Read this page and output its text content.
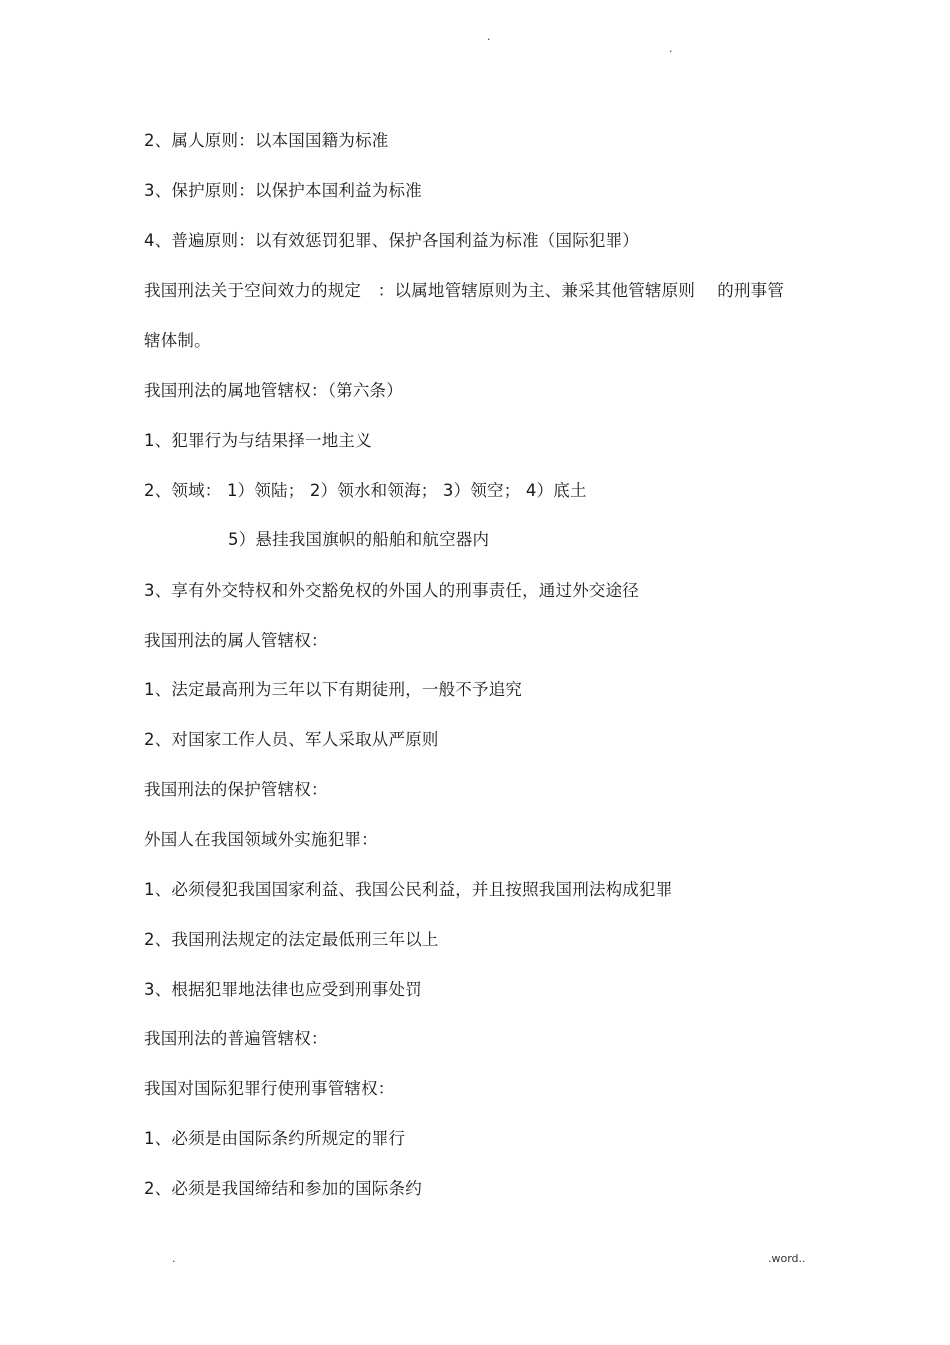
.
.
2、属人原则：以本国国籍为标准
3、保护原则：以保护本国利益为标准
4、普遍原则：以有效惩罚犯罪、保护各国利益为标准（国际犯罪）
我国刑法关于空间效力的规定　：以属地管辖原则为主、兼采其他管辖原则　 的刑事管
辖体制。
我国刑法的属地管辖权：（第六条）
1、犯罪行为与结果择一地主义
2、领域： 1）领陆； 2）领水和领海； 3）领空； 4）底土
5）悬挂我国旗帜的船舶和航空器内
3、享有外交特权和外交豁免权的外国人的刑事责任，通过外交途径
我国刑法的属人管辖权：
1、法定最高刑为三年以下有期徒刑，一般不予追究
2、对国家工作人员、军人采取从严原则
我国刑法的保护管辖权：
外国人在我国领域外实施犯罪：
1、必须侵犯我国国家利益、我国公民利益，并且按照我国刑法构成犯罪
2、我国刑法规定的法定最低刑三年以上
3、根据犯罪地法律也应受到刑事处罚
我国刑法的普遍管辖权：
我国对国际犯罪行使刑事管辖权：
1、必须是由国际条约所规定的罪行
2、必须是我国缔结和参加的国际条约
.	.word..
